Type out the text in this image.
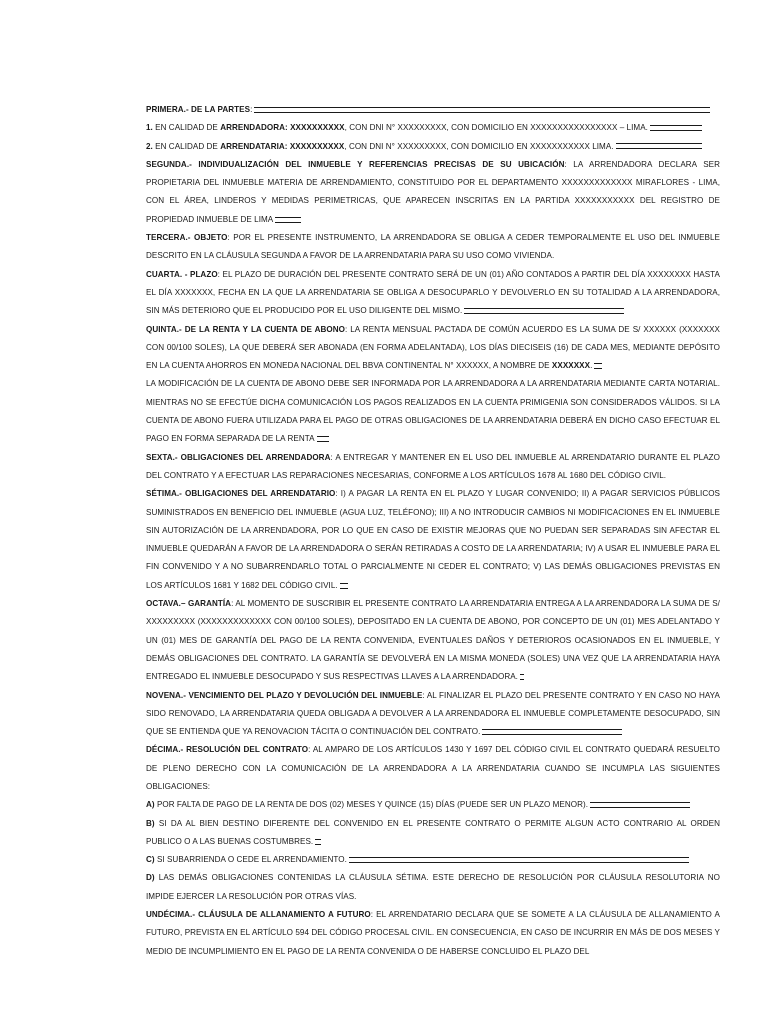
PRIMERA.- DE LA PARTES:

1. EN CALIDAD DE ARRENDADORA: XXXXXXXXXX, CON DNI N° XXXXXXXXX, CON DOMICILIO EN XXXXXXXXXXXXXXXX – LIMA.

2. EN CALIDAD DE ARRENDATARIA: XXXXXXXXXX, CON DNI N° XXXXXXXXX, CON DOMICILIO EN XXXXXXXXXXX LIMA.

SEGUNDA.- INDIVIDUALIZACIÓN DEL INMUEBLE Y REFERENCIAS PRECISAS DE SU UBICACIÓN: LA ARRENDADORA DECLARA SER PROPIETARIA DEL INMUEBLE MATERIA DE ARRENDAMIENTO, CONSTITUIDO POR EL DEPARTAMENTO XXXXXXXXXXXXX MIRAFLORES - LIMA, CON EL ÁREA, LINDEROS Y MEDIDAS PERIMETRICAS, QUE APARECEN INSCRITAS EN LA PARTIDA XXXXXXXXXXX DEL REGISTRO DE PROPIEDAD INMUEBLE DE LIMA

TERCERA.- OBJETO: POR EL PRESENTE INSTRUMENTO, LA ARRENDADORA SE OBLIGA A CEDER TEMPORALMENTE EL USO DEL INMUEBLE DESCRITO EN LA CLÁUSULA SEGUNDA A FAVOR DE LA ARRENDATARIA PARA SU USO COMO VIVIENDA.

CUARTA. - PLAZO: EL PLAZO DE DURACIÓN DEL PRESENTE CONTRATO SERÁ DE UN (01) AÑO CONTADOS A PARTIR DEL DÍA XXXXXXXX HASTA EL DÍA XXXXXXX, FECHA EN LA QUE LA ARRENDATARIA SE OBLIGA A DESOCUPARLO Y DEVOLVERLO EN SU TOTALIDAD A LA ARRENDADORA, SIN MÁS DETERIORO QUE EL PRODUCIDO POR EL USO DILIGENTE DEL MISMO.

QUINTA.- DE LA RENTA Y LA CUENTA DE ABONO: LA RENTA MENSUAL PACTADA DE COMÚN ACUERDO ES LA SUMA DE S/ XXXXXX (XXXXXXX CON 00/100 SOLES), LA QUE DEBERÁ SER ABONADA (EN FORMA ADELANTADA), LOS DÍAS DIECISEIS (16) DE CADA MES, MEDIANTE DEPÓSITO EN LA CUENTA AHORROS EN MONEDA NACIONAL DEL BBVA CONTINENTAL N° XXXXXX, A NOMBRE DE XXXXXXX.

LA MODIFICACIÓN DE LA CUENTA DE ABONO DEBE SER INFORMADA POR LA ARRENDADORA A LA ARRENDATARIA MEDIANTE CARTA NOTARIAL. MIENTRAS NO SE EFECTÚE DICHA COMUNICACIÓN LOS PAGOS REALIZADOS EN LA CUENTA PRIMIGENIA SON CONSIDERADOS VÁLIDOS. SI LA CUENTA DE ABONO FUERA UTILIZADA PARA EL PAGO DE OTRAS OBLIGACIONES DE LA ARRENDATARIA DEBERÁ EN DICHO CASO EFECTUAR EL PAGO EN FORMA SEPARADA DE LA RENTA

SEXTA.- OBLIGACIONES DEL ARRENDADORA: A ENTREGAR Y MANTENER EN EL USO DEL INMUEBLE AL ARRENDATARIO DURANTE EL PLAZO DEL CONTRATO Y A EFECTUAR LAS REPARACIONES NECESARIAS, CONFORME A LOS ARTÍCULOS 1678 AL 1680 DEL CÓDIGO CIVIL.

SÉTIMA.- OBLIGACIONES DEL ARRENDATARIO: I) A PAGAR LA RENTA EN EL PLAZO Y LUGAR CONVENIDO; II) A PAGAR SERVICIOS PÚBLICOS SUMINISTRADOS EN BENEFICIO DEL INMUEBLE (AGUA LUZ, TELÉFONO); III) A NO INTRODUCIR CAMBIOS NI MODIFICACIONES EN EL INMUEBLE SIN AUTORIZACIÓN DE LA ARRENDADORA, POR LO QUE EN CASO DE EXISTIR MEJORAS QUE NO PUEDAN SER SEPARADAS SIN AFECTAR EL INMUEBLE QUEDARÁN A FAVOR DE LA ARRENDADORA O SERÁN RETIRADAS A COSTO DE LA ARRENDATARIA; IV) A USAR EL INMUEBLE PARA EL FIN CONVENIDO Y A NO SUBARRENDARLO TOTAL O PARCIALMENTE NI CEDER EL CONTRATO; V) LAS DEMÁS OBLIGACIONES PREVISTAS EN LOS ARTÍCULOS 1681 Y 1682 DEL CÓDIGO CIVIL.

OCTAVA.– GARANTÍA: AL MOMENTO DE SUSCRIBIR EL PRESENTE CONTRATO LA ARRENDATARIA ENTREGA A LA ARRENDADORA LA SUMA DE S/ XXXXXXXXX (XXXXXXXXXXXXX CON 00/100 SOLES), DEPOSITADO EN LA CUENTA DE ABONO, POR CONCEPTO DE UN (01) MES ADELANTADO Y UN (01) MES DE GARANTÍA DEL PAGO DE LA RENTA CONVENIDA, EVENTUALES DAÑOS Y DETERIOROS OCASIONADOS EN EL INMUEBLE, Y DEMÁS OBLIGACIONES DEL CONTRATO. LA GARANTÍA SE DEVOLVERÁ EN LA MISMA MONEDA (SOLES) UNA VEZ QUE LA ARRENDATARIA HAYA ENTREGADO EL INMUEBLE DESOCUPADO Y SUS RESPECTIVAS LLAVES A LA ARRENDADORA.

NOVENA.- VENCIMIENTO DEL PLAZO Y DEVOLUCIÓN DEL INMUEBLE: AL FINALIZAR EL PLAZO DEL PRESENTE CONTRATO Y EN CASO NO HAYA SIDO RENOVADO, LA ARRENDATARIA QUEDA OBLIGADA A DEVOLVER A LA ARRENDADORA EL INMUEBLE COMPLETAMENTE DESOCUPADO, SIN QUE SE ENTIENDA QUE YA RENOVACION TÁCITA O CONTINUACIÓN DEL CONTRATO.

DÉCIMA.- RESOLUCIÓN DEL CONTRATO: AL AMPARO DE LOS ARTÍCULOS 1430 Y 1697 DEL CÓDIGO CIVIL EL CONTRATO QUEDARÁ RESUELTO DE PLENO DERECHO CON LA COMUNICACIÓN DE LA ARRENDADORA A LA ARRENDATARIA CUANDO SE INCUMPLA LAS SIGUIENTES OBLIGACIONES:

A) POR FALTA DE PAGO DE LA RENTA DE DOS (02) MESES Y QUINCE (15) DÍAS (PUEDE SER UN PLAZO MENOR).

B) SI DA AL BIEN DESTINO DIFERENTE DEL CONVENIDO EN EL PRESENTE CONTRATO O PERMITE ALGUN ACTO CONTRARIO AL ORDEN PUBLICO O A LAS BUENAS COSTUMBRES.

C) SI SUBARRIENDA O CEDE EL ARRENDAMIENTO.

D) LAS DEMÁS OBLIGACIONES CONTENIDAS LA CLÁUSULA SÉTIMA. ESTE DERECHO DE RESOLUCIÓN POR CLÁUSULA RESOLUTORIA NO IMPIDE EJERCER LA RESOLUCIÓN POR OTRAS VÍAS.

UNDÉCIMA.- CLÁUSULA DE ALLANAMIENTO A FUTURO: EL ARRENDATARIO DECLARA QUE SE SOMETE A LA CLÁUSULA DE ALLANAMIENTO A FUTURO, PREVISTA EN EL ARTÍCULO 594 DEL CÓDIGO PROCESAL CIVIL. EN CONSECUENCIA, EN CASO DE INCURRIR EN MÁS DE DOS MESES Y MEDIO DE INCUMPLIMIENTO EN EL PAGO DE LA RENTA CONVENIDA O DE HABERSE CONCLUIDO EL PLAZO DEL
